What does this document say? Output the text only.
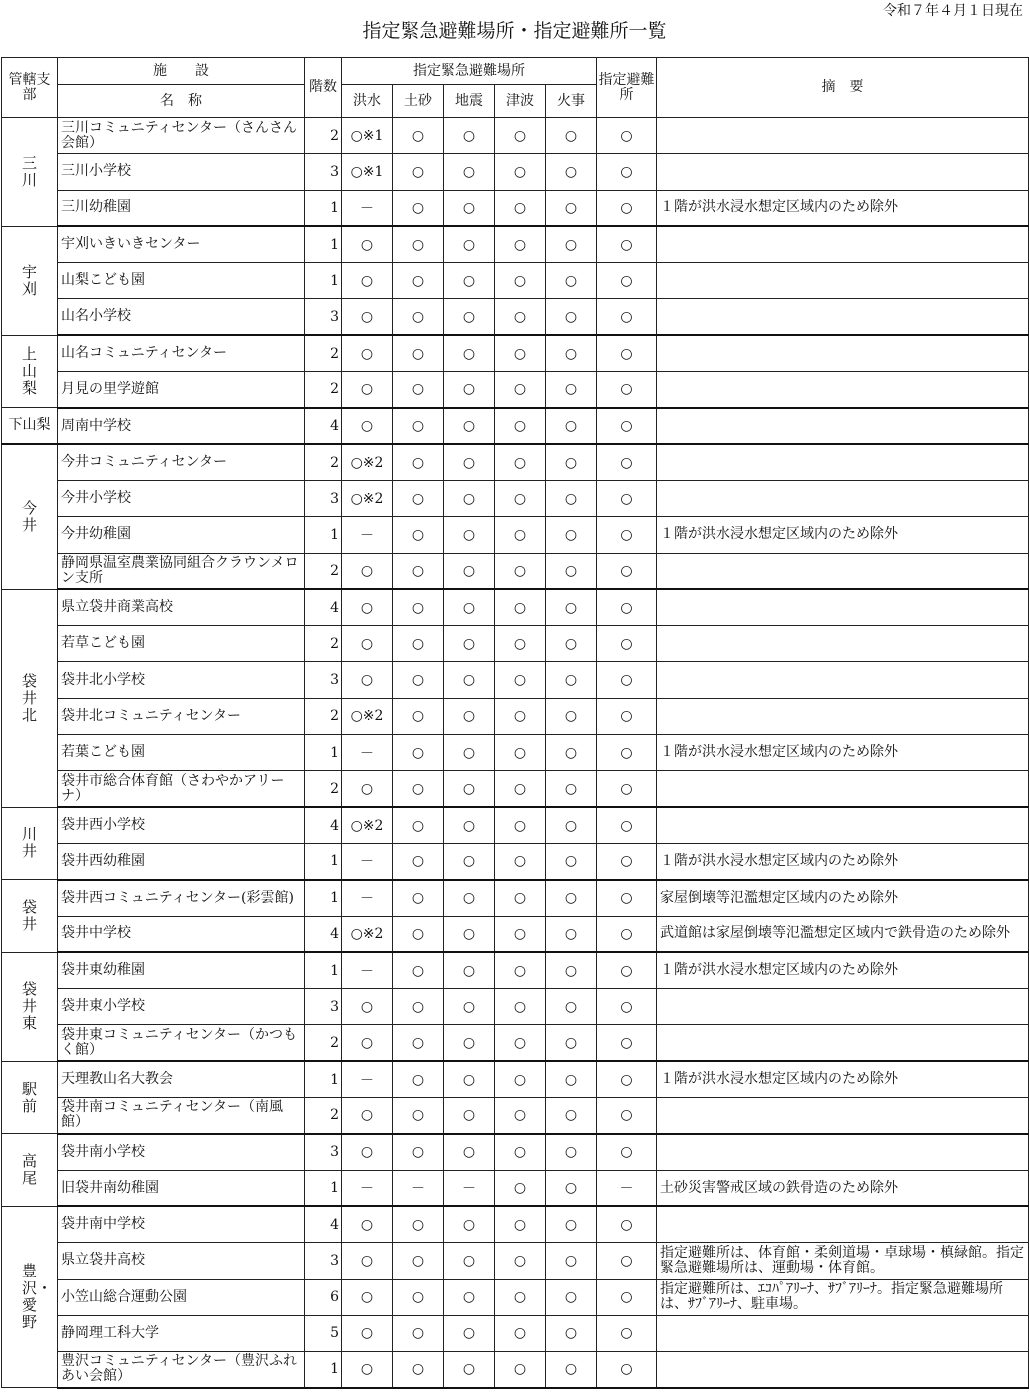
令和７年４月１日現在
指定緊急避難場所・指定避難所一覧
管轄支部	施　　設	階数	指定緊急避難場所					指定避難所	摘　要
	名　称		洪水	土砂	地震	津波	火事		
三川	三川コミュニティセンター（さんさん会館）	2	○※1	○	○	○	○	○	
	三川小学校	3	○※1	○	○	○	○	○	
	三川幼稚園	1	－	○	○	○	○	○	１階が洪水浸水想定区域内のため除外
宇刈	宇刈いきいきセンター	1	○	○	○	○	○	○	
	山梨こども園	1	○	○	○	○	○	○	
	山名小学校	3	○	○	○	○	○	○	
上山梨	山名コミュニティセンター	2	○	○	○	○	○	○	
	月見の里学遊館	2	○	○	○	○	○	○	
下山梨	周南中学校	4	○	○	○	○	○	○	
今井	今井コミュニティセンター	2	○※2	○	○	○	○	○	
	今井小学校	3	○※2	○	○	○	○	○	
	今井幼稚園	1	－	○	○	○	○	○	１階が洪水浸水想定区域内のため除外
	静岡県温室農業協同組合クラウンメロン支所	2	○	○	○	○	○	○	
袋井北	県立袋井商業高校	4	○	○	○	○	○	○	
	若草こども園	2	○	○	○	○	○	○	
	袋井北小学校	3	○	○	○	○	○	○	
	袋井北コミュニティセンター	2	○※2	○	○	○	○	○	
	若葉こども園	1	－	○	○	○	○	○	１階が洪水浸水想定区域内のため除外
	袋井市総合体育館（さわやかアリーナ）	2	○	○	○	○	○	○	
川井	袋井西小学校	4	○※2	○	○	○	○	○	
	袋井西幼稚園	1	－	○	○	○	○	○	１階が洪水浸水想定区域内のため除外
袋井	袋井西コミュニティセンター(彩雲館)	1	－	○	○	○	○	○	家屋倒壊等氾濫想定区域内のため除外
	袋井中学校	4	○※2	○	○	○	○	○	武道館は家屋倒壊等氾濫想定区域内で鉄骨造のため除外
袋井東	袋井東幼稚園	1	－	○	○	○	○	○	１階が洪水浸水想定区域内のため除外
	袋井東小学校	3	○	○	○	○	○	○	
	袋井東コミュニティセンター（かつもく館）	2	○	○	○	○	○	○	
駅前	天理教山名大教会	1	－	○	○	○	○	○	１階が洪水浸水想定区域内のため除外
	袋井南コミュニティセンター（南風館）	2	○	○	○	○	○	○	
高尾	袋井南小学校	3	○	○	○	○	○	○	
	旧袋井南幼稚園	1	－	－	－	○	○	－	土砂災害警戒区域の鉄骨造のため除外
豊沢・愛野	袋井南中学校	4	○	○	○	○	○	○	
	県立袋井高校	3	○	○	○	○	○	○	指定避難所は、体育館・柔剣道場・卓球場・槙緑館。指定緊急避難場所は、運動場・体育館。
	小笠山総合運動公園	6	○	○	○	○	○	○	指定避難所は、ｴｺﾊﾟｱﾘｰﾅ、ｻﾌﾞｱﾘｰﾅ。指定緊急避難場所は、ｻﾌﾞｱﾘｰﾅ、駐車場。
	静岡理工科大学	5	○	○	○	○	○	○	
	豊沢コミュニティセンター（豊沢ふれあい会館）	1	○	○	○	○	○	○	
